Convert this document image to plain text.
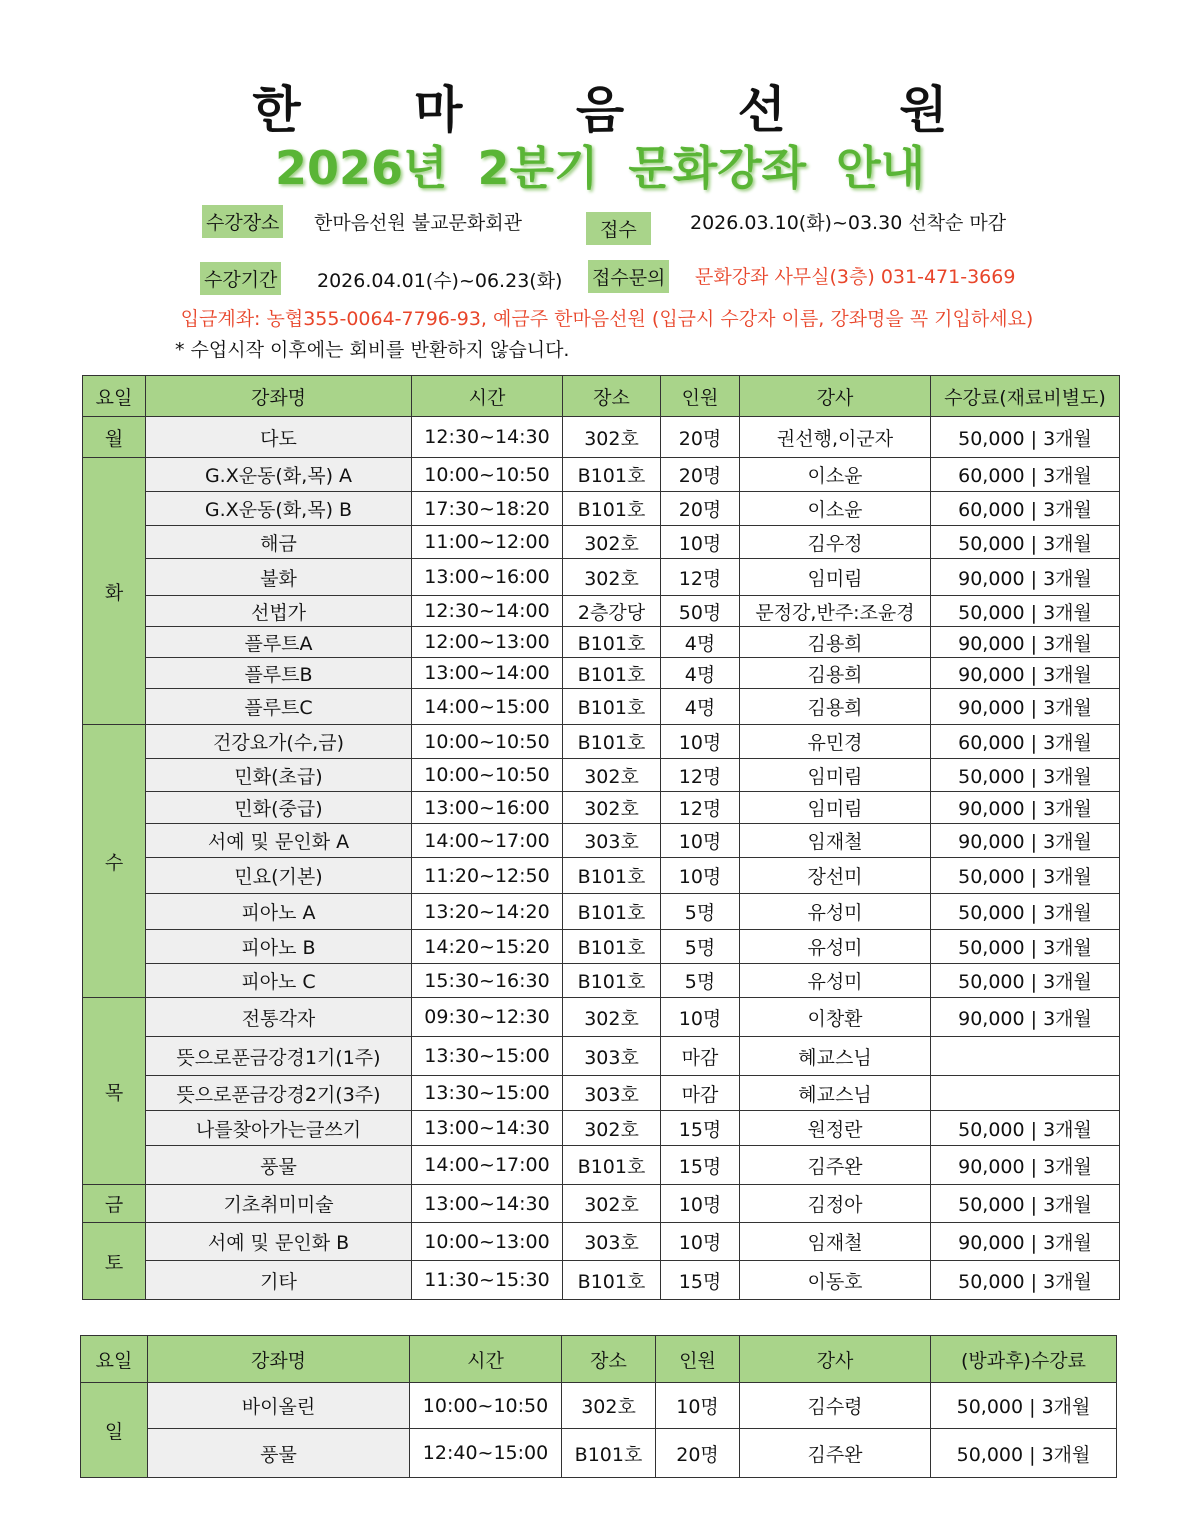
한 마 음 선 원
2026년 2분기 문화강좌 안내
수강장소 한마음선원 불교문화회관	접수	2026.03.10(화)~03.30 선착순 마감
수강기간 2026.04.01(수)~06.23(화) 접수문의 문화강좌 사무실(3층) 031-471-3669
입금계좌: 농협355-0064-7796-93, 예금주 한마음선원 (입금시 수강자 이름, 강좌명을 꼭 기입하세요)
* 수업시작 이후에는 회비를 반환하지 않습니다.
요일	강좌명	시간	장소	인원	강사	수강료(재료비별도)
월	다도	12:30~14:30	302호	20명	권선행,이군자	50,000 | 3개월
화	G.X운동(화,목) A	10:00~10:50	B101호	20명	이소윤	60,000 | 3개월
	G.X운동(화,목) B	17:30~18:20	B101호	20명	이소윤	60,000 | 3개월
	해금	11:00~12:00	302호	10명	김우정	50,000 | 3개월
	불화	13:00~16:00	302호	12명	임미림	90,000 | 3개월
	선법가	12:30~14:00	2층강당	50명	문정강,반주:조윤경	50,000 | 3개월
	플루트A	12:00~13:00	B101호	4명	김용희	90,000 | 3개월
	플루트B	13:00~14:00	B101호	4명	김용희	90,000 | 3개월
	플루트C	14:00~15:00	B101호	4명	김용희	90,000 | 3개월
수	건강요가(수,금)	10:00~10:50	B101호	10명	유민경	60,000 | 3개월
	민화(초급)	10:00~10:50	302호	12명	임미림	50,000 | 3개월
	민화(중급)	13:00~16:00	302호	12명	임미림	90,000 | 3개월
	서예 및 문인화 A	14:00~17:00	303호	10명	임재철	90,000 | 3개월
	민요(기본)	11:20~12:50	B101호	10명	장선미	50,000 | 3개월
	피아노 A	13:20~14:20	B101호	5명	유성미	50,000 | 3개월
	피아노 B	14:20~15:20	B101호	5명	유성미	50,000 | 3개월
	피아노 C	15:30~16:30	B101호	5명	유성미	50,000 | 3개월
목	전통각자	09:30~12:30	302호	10명	이창환	90,000 | 3개월
	뜻으로푼금강경1기(1주)	13:30~15:00	303호	마감	혜교스님	
	뜻으로푼금강경2기(3주)	13:30~15:00	303호	마감	혜교스님	
	나를찾아가는글쓰기	13:00~14:30	302호	15명	원정란	50,000 | 3개월
	풍물	14:00~17:00	B101호	15명	김주완	90,000 | 3개월
금	기초취미미술	13:00~14:30	302호	10명	김정아	50,000 | 3개월
토	서예 및 문인화 B	10:00~13:00	303호	10명	임재철	90,000 | 3개월
	기타	11:30~15:30	B101호	15명	이동호	50,000 | 3개월
요일	강좌명	시간	장소	인원	강사	(방과후)수강료
일	바이올린	10:00~10:50	302호	10명	김수령	50,000 | 3개월
	풍물	12:40~15:00	B101호	20명	김주완	50,000 | 3개월
